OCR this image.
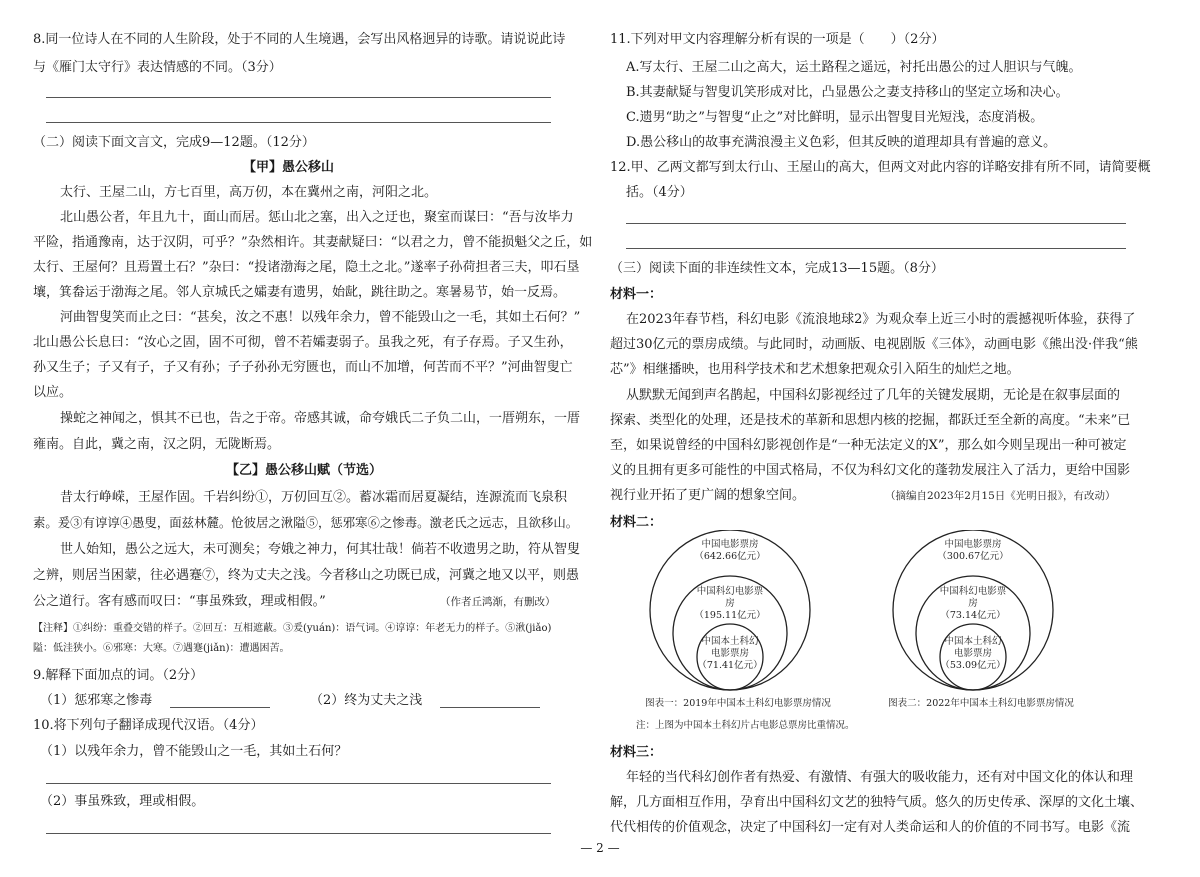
8.同一位诗人在不同的人生阶段，处于不同的人生境遇，会写出风格迥异的诗歌。请说说此诗
与《雁门太守行》表达情感的不同。（3分）
（二）阅读下面文言文，完成9—12题。（12分）
【甲】愚公移山
太行、王屋二山，方七百里，高万仞，本在冀州之南，河阳之北。
北山愚公者，年且九十，面山而居。惩山北之塞，出入之迂也，聚室而谋曰：“吾与汝毕力
平险，指通豫南，达于汉阴，可乎？”杂然相许。其妻献疑曰：“以君之力，曾不能损魁父之丘，如
太行、王屋何？且焉置土石？”杂曰：“投诸渤海之尾，隐土之北。”遂率子孙荷担者三夫，叩石垦
壤，箕畚运于渤海之尾。邻人京城氏之孀妻有遗男，始龀，跳往助之。寒暑易节，始一反焉。
河曲智叟笑而止之曰：“甚矣，汝之不惠！以残年余力，曾不能毁山之一毛，其如土石何？”
北山愚公长息曰：“汝心之固，固不可彻，曾不若孀妻弱子。虽我之死，有子存焉。子又生孙，
孙又生子；子又有子，子又有孙；子子孙孙无穷匮也，而山不加增，何苦而不平？”河曲智叟亡
以应。
操蛇之神闻之，惧其不已也，告之于帝。帝感其诚，命夸娥氏二子负二山，一厝朔东，一厝
雍南。自此，冀之南，汉之阴，无陇断焉。
【乙】愚公移山赋（节选）
昔太行峥嵘，王屋作固。千岩纠纷①，万仞回互②。蓄冰霜而居夏凝结，连源流而飞泉积
素。爰③有谆谆④愚叟，面兹林麓。怆彼居之湫隘⑤，惩邪寒⑥之惨毒。激老氏之远志，且欲移山。
世人始知，愚公之远大，未可测矣；夸娥之神力，何其壮哉！倘若不收遗男之助，符从智叟
之辨，则居当困蒙，往必遇蹇⑦，终为丈夫之浅。今者移山之功既已成，河冀之地又以平，则愚
公之道行。客有感而叹曰：“事虽殊致，理或相假。”	（作者丘鸿渐，有删改）
【注释】①纠纷：重叠交错的样子。②回互：互相遮蔽。③爰(yuán)：语气词。④谆谆：年老无力的样子。⑤湫(jiǎo)
隘：低洼狭小。⑥邪寒：大寒。⑦遇蹇(jiǎn)：遭遇困苦。
9.解释下面加点的词。（2分）
（1）惩邪寒之惨毒	（2）终为丈夫之浅
10.将下列句子翻译成现代汉语。（4分）
（1）以残年余力，曾不能毁山之一毛，其如土石何？
（2）事虽殊致，理或相假。
11.下列对甲文内容理解分析有误的一项是（　　）（2分）
A.写太行、王屋二山之高大，运土路程之遥远，衬托出愚公的过人胆识与气魄。
B.其妻献疑与智叟讥笑形成对比，凸显愚公之妻支持移山的坚定立场和决心。
C.遗男“助之”与智叟“止之”对比鲜明，显示出智叟目光短浅，态度消极。
D.愚公移山的故事充满浪漫主义色彩，但其反映的道理却具有普遍的意义。
12.甲、乙两文都写到太行山、王屋山的高大，但两文对此内容的详略安排有所不同，请简要概
括。（4分）
（三）阅读下面的非连续性文本，完成13—15题。（8分）
材料一：
在2023年春节档，科幻电影《流浪地球2》为观众奉上近三小时的震撼视听体验，获得了
超过30亿元的票房成绩。与此同时，动画版、电视剧版《三体》，动画电影《熊出没·伴我“熊
芯”》相继播映，也用科学技术和艺术想象把观众引入陌生的灿烂之地。
从默默无闻到声名鹊起，中国科幻影视经过了几年的关键发展期，无论是在叙事层面的
探索、类型化的处理，还是技术的革新和思想内核的挖掘，都跃迁至全新的高度。“未来”已
至，如果说曾经的中国科幻影视创作是“一种无法定义的X”，那么如今则呈现出一种可被定
义的且拥有更多可能性的中国式格局，不仅为科幻文化的蓬勃发展注入了活力，更给中国影
视行业开拓了更广阔的想象空间。	（摘编自2023年2月15日《光明日报》，有改动）
材料二：
中国电影票房
（642.66亿元）
中国科幻电影票
房
（195.11亿元）
中国本土科幻
电影票房
（71.41亿元）
图表一：2019年中国本土科幻电影票房情况
中国电影票房
（300.67亿元）
中国科幻电影票
房
（73.14亿元）
中国本土科幻
电影票房
（53.09亿元）
图表二：2022年中国本土科幻电影票房情况
注：上图为中国本土科幻片占电影总票房比重情况。
材料三：
年轻的当代科幻创作者有热爱、有激情、有强大的吸收能力，还有对中国文化的体认和理
解，几方面相互作用，孕育出中国科幻文艺的独特气质。悠久的历史传承、深厚的文化土壤、
代代相传的价值观念，决定了中国科幻一定有对人类命运和人的价值的不同书写。电影《流
— 2 —
